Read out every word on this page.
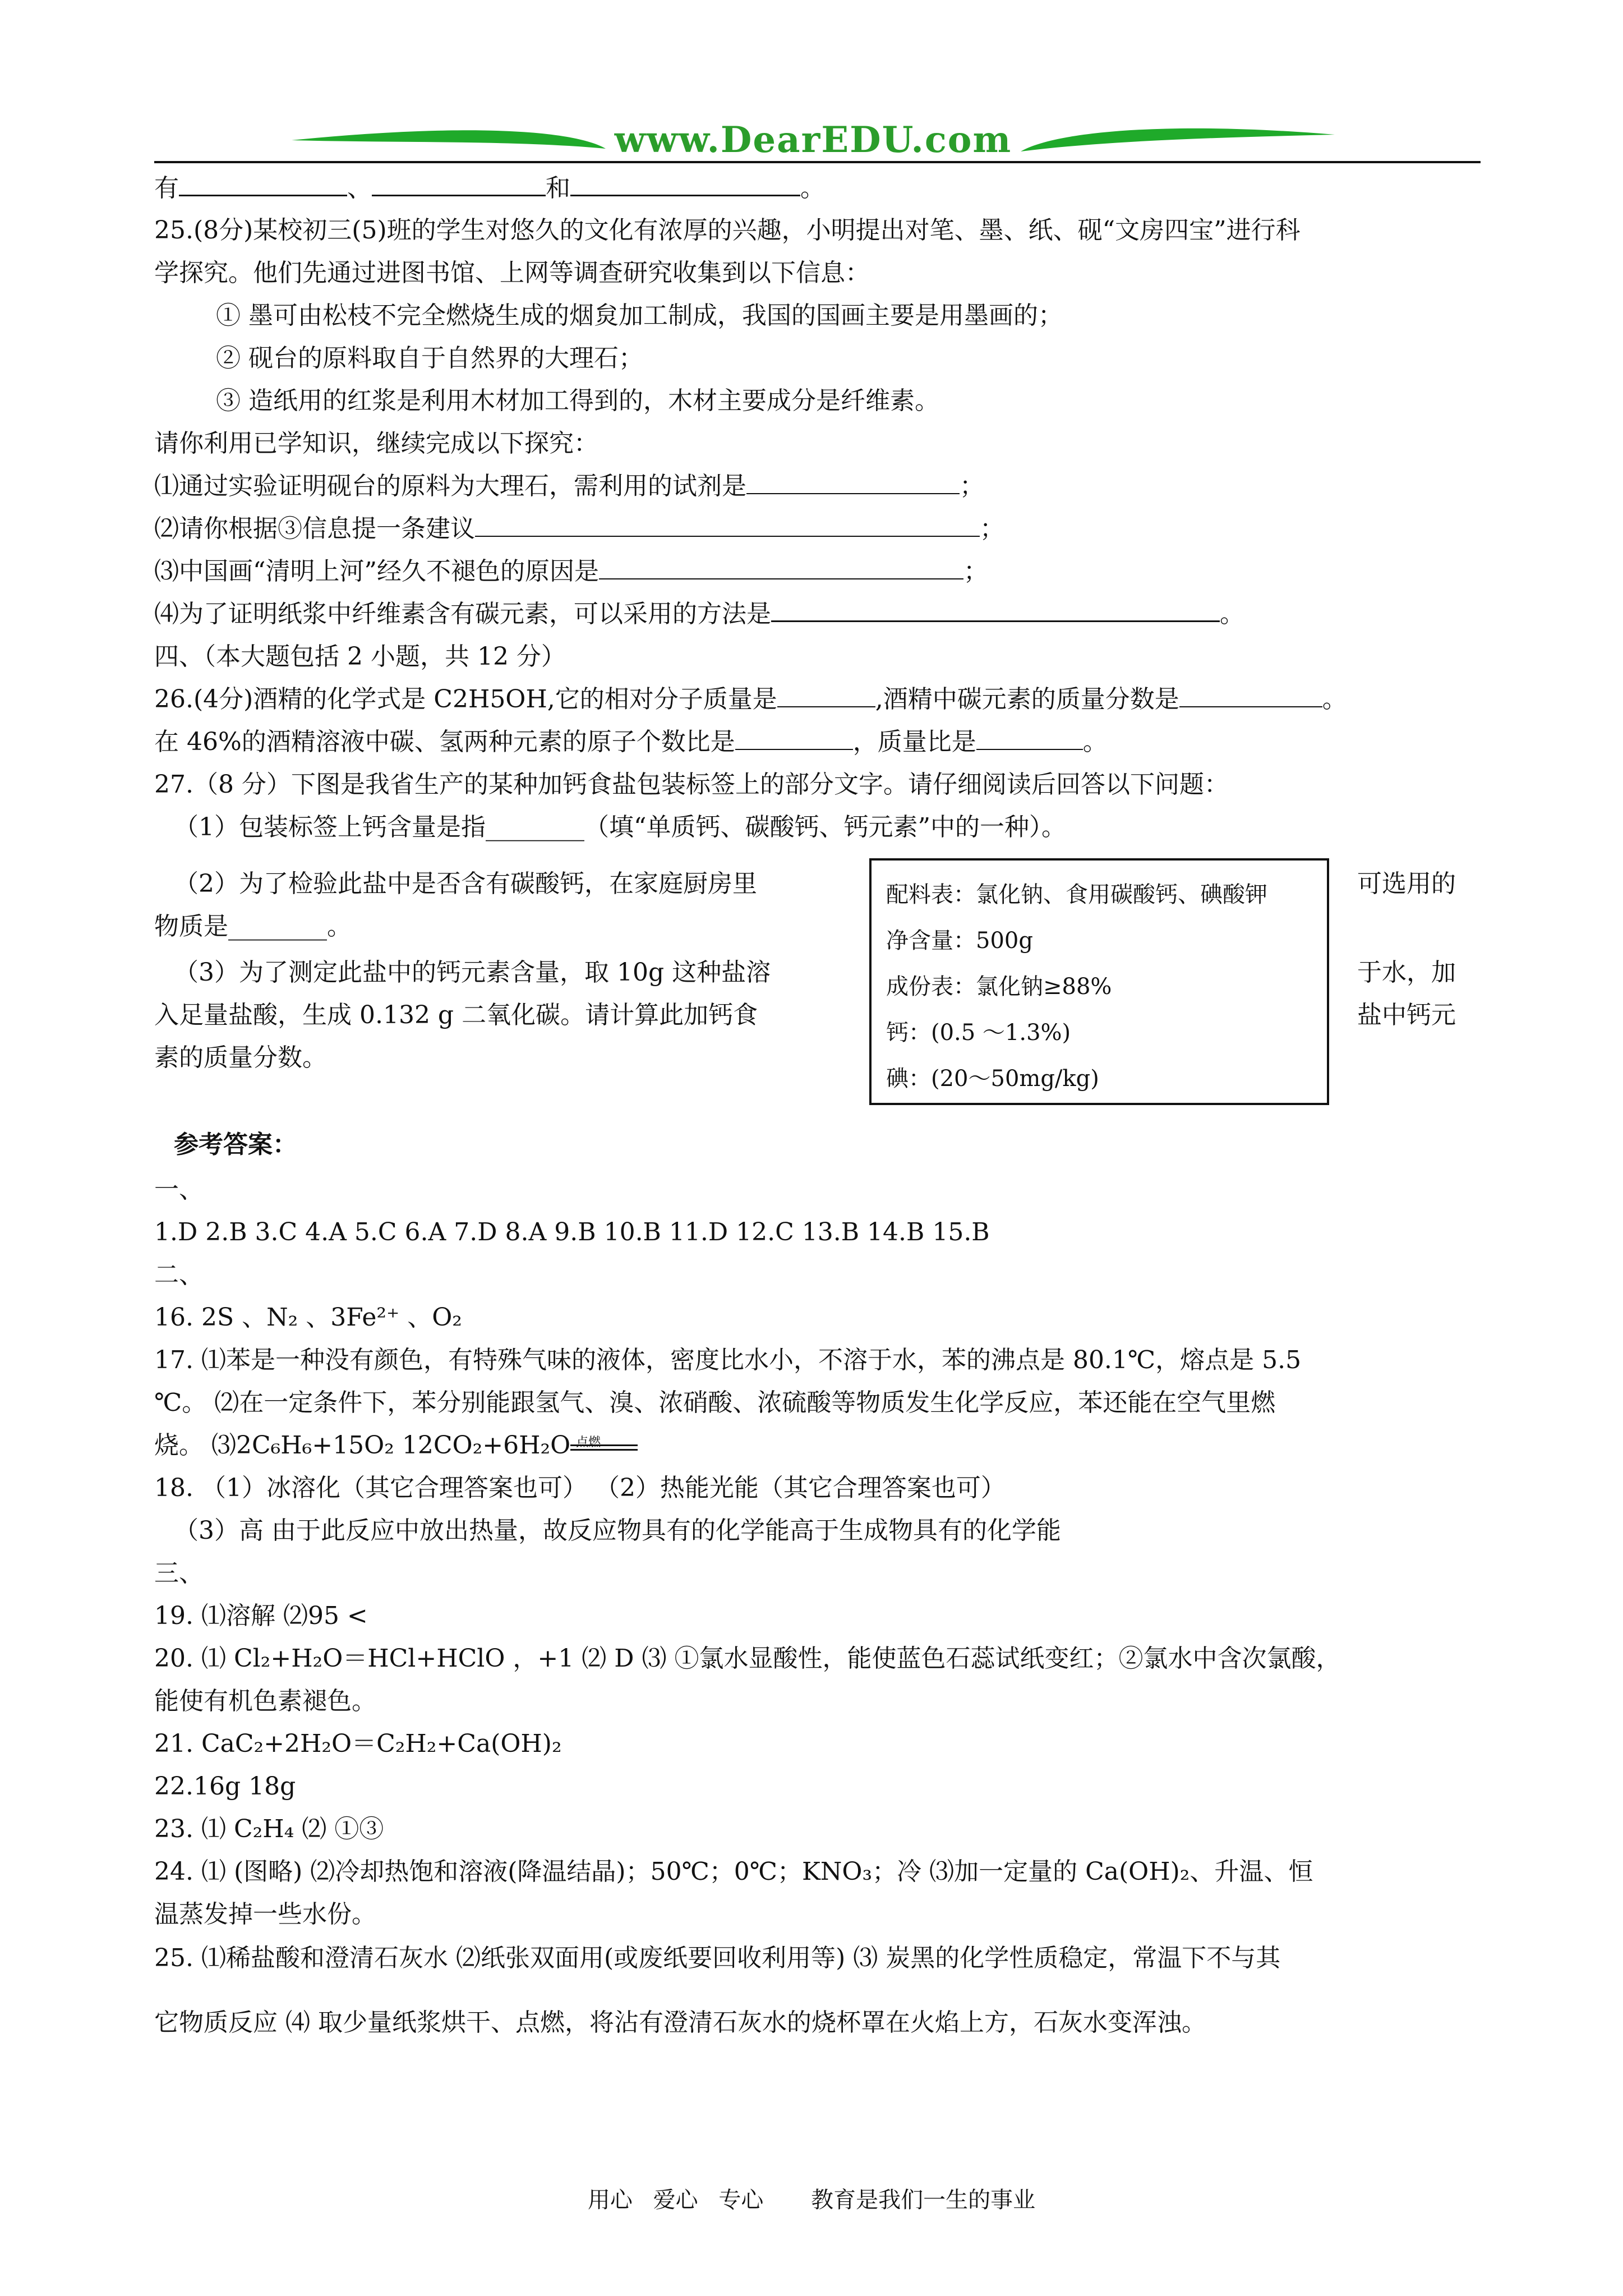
www.DearEDU.com
有	、	和	。
25.(8分)某校初三(5)班的学生对悠久的文化有浓厚的兴趣，小明提出对笔、墨、纸、砚“文房四宝”进行科
学探究。他们先通过进图书馆、上网等调查研究收集到以下信息：
① 墨可由松枝不完全燃烧生成的烟炱加工制成，我国的国画主要是用墨画的；
② 砚台的原料取自于自然界的大理石；
③ 造纸用的红浆是利用木材加工得到的，木材主要成分是纤维素。
请你利用已学知识，继续完成以下探究：
⑴通过实验证明砚台的原料为大理石，需利用的试剂是	；
⑵请你根据③信息提一条建议	；
⑶中国画“清明上河”经久不褪色的原因是	；
⑷为了证明纸浆中纤维素含有碳元素，可以采用的方法是	。
四、（本大题包括 2 小题，共 12 分）
26.(4分)酒精的化学式是 C2H5OH,它的相对分子质量是	,酒精中碳元素的质量分数是	。
在 46%的酒精溶液中碳、氢两种元素的原子个数比是	，质量比是	。
27.（8 分）下图是我省生产的某种加钙食盐包装标签上的部分文字。请仔细阅读后回答以下问题：
（1）包装标签上钙含量是指________（填“单质钙、碳酸钙、钙元素”中的一种）。
（2）为了检验此盐中是否含有碳酸钙，在家庭厨房里	可选用的
物质是________。
（3）为了测定此盐中的钙元素含量，取 10g 这种盐溶	于水，加
入足量盐酸，生成 0.132 g 二氧化碳。请计算此加钙食	盐中钙元
素的质量分数。
配料表：氯化钠、食用碳酸钙、碘酸钾
净含量：500g
成份表：氯化钠≥88%
钙：(0.5 ～1.3%)
碘：(20～50mg/kg)
参考答案：
一、
1.D 2.B 3.C 4.A 5.C 6.A 7.D 8.A 9.B 10.B 11.D 12.C 13.B 14.B 15.B
二、
16. 2S 、N₂ 、3Fe²⁺ 、O₂
17. ⑴苯是一种没有颜色，有特殊气味的液体，密度比水小，不溶于水，苯的沸点是 80.1℃，熔点是 5.5
℃。 ⑵在一定条件下，苯分别能跟氢气、溴、浓硝酸、浓硫酸等物质发生化学反应，苯还能在空气里燃
烧。 ⑶2C₆H₆+15O₂ 12CO₂+6H₂O 点燃
18. （1）冰溶化（其它合理答案也可） （2）热能光能（其它合理答案也可）
（3）高 由于此反应中放出热量，故反应物具有的化学能高于生成物具有的化学能
三、
19. ⑴溶解 ⑵95 <
20. ⑴ Cl₂+H₂O＝HCl+HClO ，+1 ⑵ D ⑶ ①氯水显酸性，能使蓝色石蕊试纸变红；②氯水中含次氯酸，
能使有机色素褪色。
21. CaC₂+2H₂O＝C₂H₂+Ca(OH)₂
22.16g 18g
23. ⑴ C₂H₄ ⑵ ①③
24. ⑴ (图略) ⑵冷却热饱和溶液(降温结晶)；50℃；0℃；KNO₃；冷 ⑶加一定量的 Ca(OH)₂、升温、恒
温蒸发掉一些水份。
25. ⑴稀盐酸和澄清石灰水 ⑵纸张双面用(或废纸要回收利用等) ⑶ 炭黑的化学性质稳定，常温下不与其
它物质反应 ⑷ 取少量纸浆烘干、点燃，将沾有澄清石灰水的烧杯罩在火焰上方，石灰水变浑浊。
用心 爱心 专心 教育是我们一生的事业
